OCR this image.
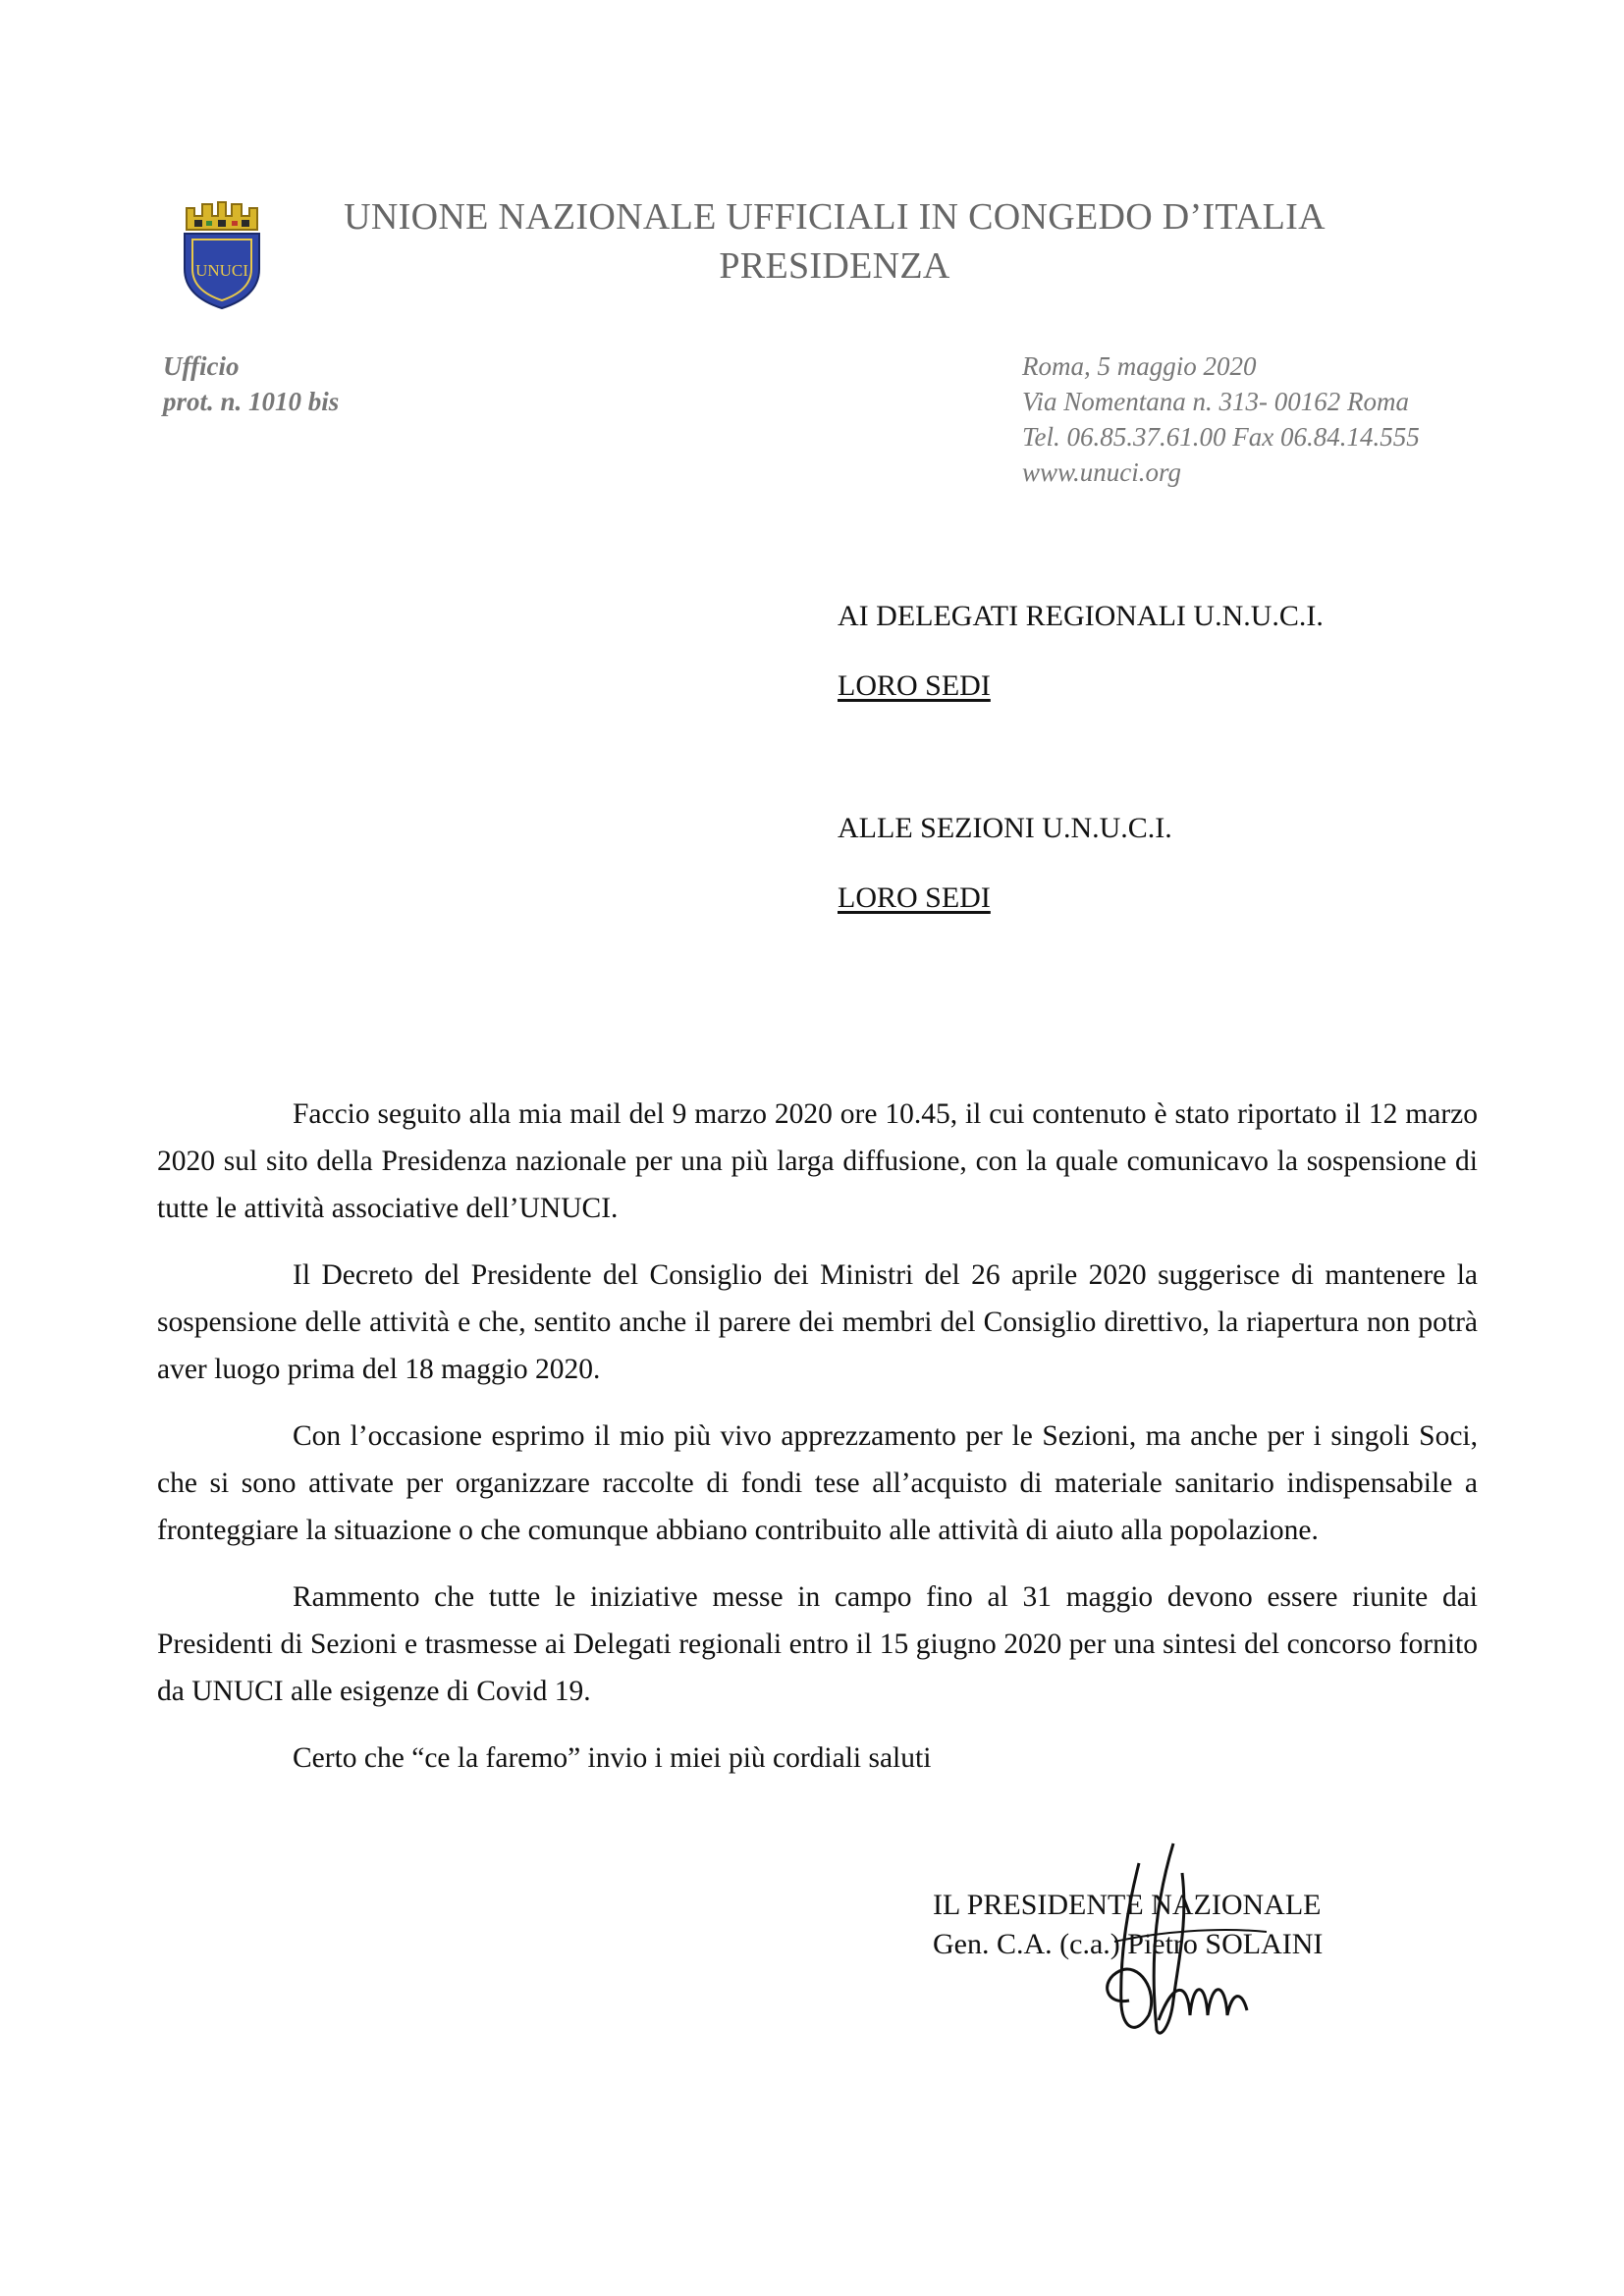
UNUCI
UNIONE NAZIONALE UFFICIALI IN CONGEDO D’ITALIA
PRESIDENZA
Ufficio
prot. n. 1010 bis
Roma, 5 maggio 2020
Via Nomentana n. 313- 00162 Roma
Tel. 06.85.37.61.00 Fax 06.84.14.555
www.unuci.org
AI DELEGATI REGIONALI U.N.U.C.I.
LORO SEDI
ALLE SEZIONI U.N.U.C.I.
LORO SEDI

Faccio seguito alla mia mail del 9 marzo 2020 ore 10.45, il cui contenuto è stato riportato il 12 marzo 2020 sul sito della Presidenza nazionale per una più larga diffusione, con la quale comunicavo la sospensione di tutte le attività associative dell’UNUCI.

Il Decreto del Presidente del Consiglio dei Ministri del 26 aprile 2020 suggerisce di mantenere la sospensione delle attività e che, sentito anche il parere dei membri del Consiglio direttivo, la riapertura non potrà aver luogo prima del 18 maggio 2020.

Con l’occasione esprimo il mio più vivo apprezzamento per le Sezioni, ma anche per i singoli Soci, che si sono attivate per organizzare raccolte di fondi tese all’acquisto di materiale sanitario indispensabile a fronteggiare la situazione o che comunque abbiano contribuito alle attività di aiuto alla popolazione.

Rammento che tutte le iniziative messe in campo fino al 31 maggio devono essere riunite dai Presidenti di Sezioni e trasmesse ai Delegati regionali entro il 15 giugno 2020 per una sintesi del concorso fornito da UNUCI alle esigenze di Covid 19.

Certo che “ce la faremo” invio i miei più cordiali saluti

IL PRESIDENTE NAZIONALE
Gen. C.A. (c.a.) Pietro SOLAINI
